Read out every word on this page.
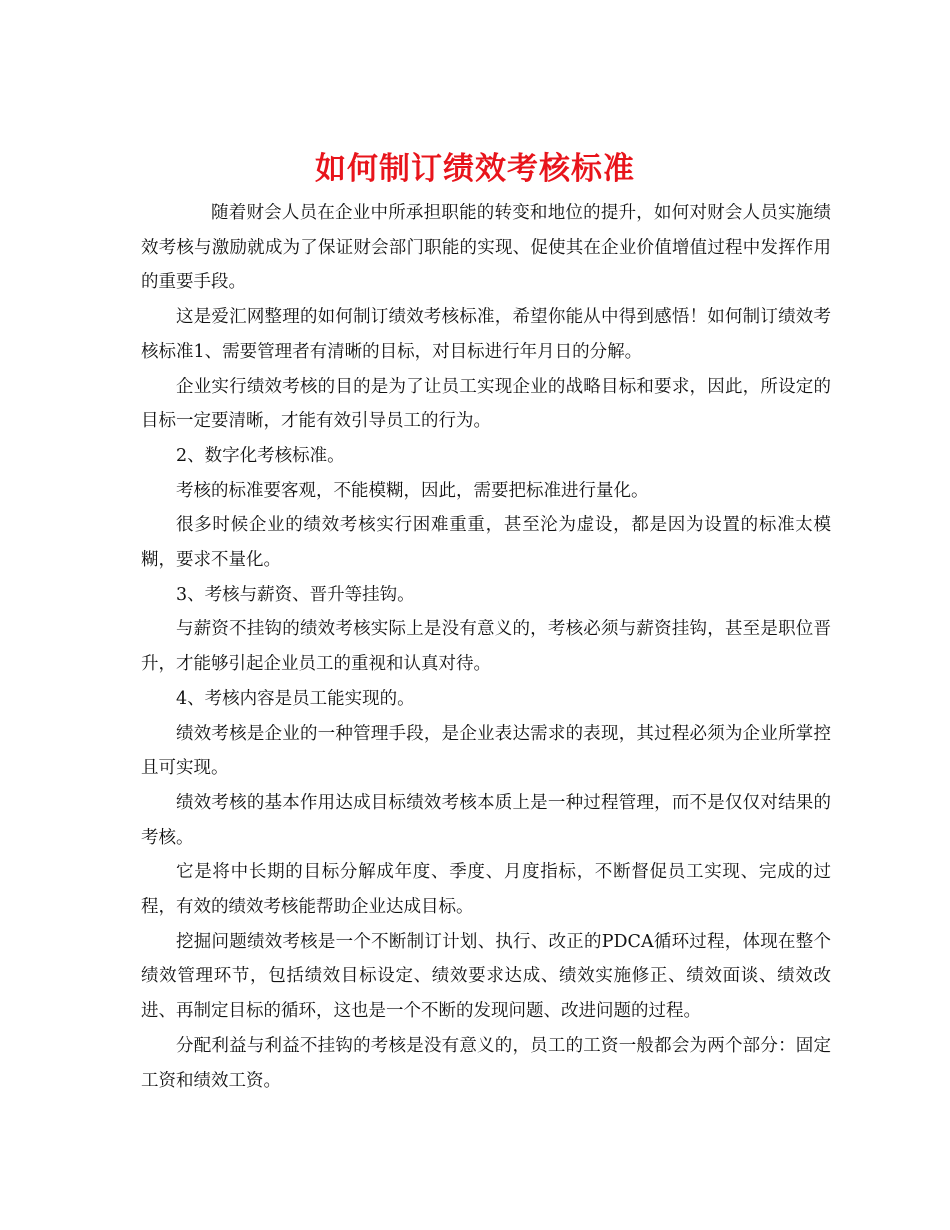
如何制订绩效考核标准

随着财会人员在企业中所承担职能的转变和地位的提升，如何对财会人员实施绩效考核与激励就成为了保证财会部门职能的实现、促使其在企业价值增值过程中发挥作用的重要手段。

这是爱汇网整理的如何制订绩效考核标准，希望你能从中得到感悟！如何制订绩效考核标准1、需要管理者有清晰的目标，对目标进行年月日的分解。

企业实行绩效考核的目的是为了让员工实现企业的战略目标和要求，因此，所设定的目标一定要清晰，才能有效引导员工的行为。

2、数字化考核标准。

考核的标准要客观，不能模糊，因此，需要把标准进行量化。

很多时候企业的绩效考核实行困难重重，甚至沦为虚设，都是因为设置的标准太模糊，要求不量化。

3、考核与薪资、晋升等挂钩。

与薪资不挂钩的绩效考核实际上是没有意义的，考核必须与薪资挂钩，甚至是职位晋升，才能够引起企业员工的重视和认真对待。

4、考核内容是员工能实现的。

绩效考核是企业的一种管理手段，是企业表达需求的表现，其过程必须为企业所掌控且可实现。

绩效考核的基本作用达成目标绩效考核本质上是一种过程管理，而不是仅仅对结果的考核。

它是将中长期的目标分解成年度、季度、月度指标，不断督促员工实现、完成的过程，有效的绩效考核能帮助企业达成目标。

挖掘问题绩效考核是一个不断制订计划、执行、改正的PDCA循环过程，体现在整个绩效管理环节，包括绩效目标设定、绩效要求达成、绩效实施修正、绩效面谈、绩效改进、再制定目标的循环，这也是一个不断的发现问题、改进问题的过程。

分配利益与利益不挂钩的考核是没有意义的，员工的工资一般都会为两个部分：固定工资和绩效工资。
